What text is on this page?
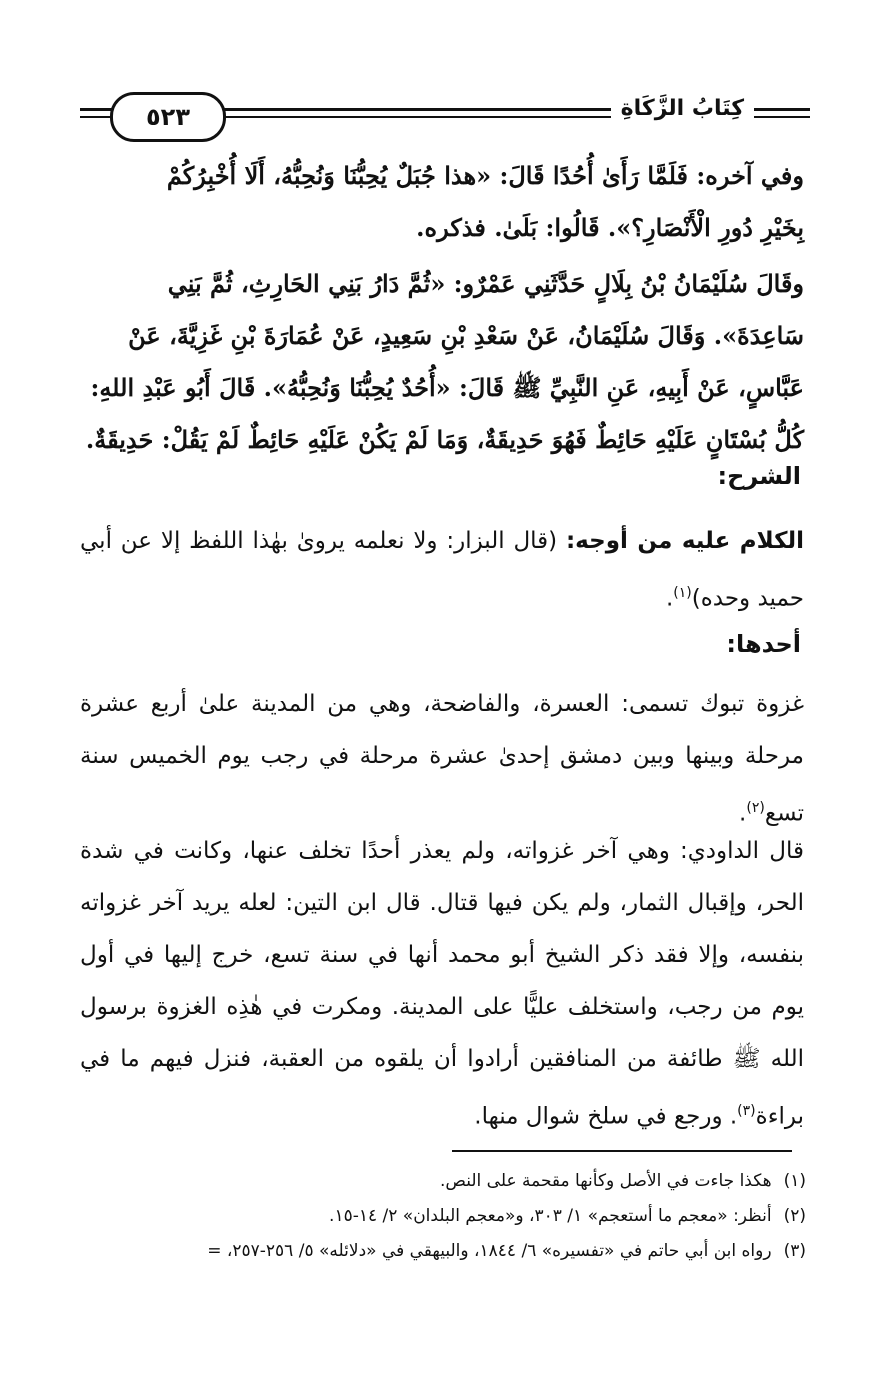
٥٢٣	كِتَابُ الزَّكَاةِ

وفي آخره: فَلَمَّا رَأَىٰ أُحُدًا قَالَ: «هذا جُبَلٌ يُحِبُّنَا وَنُحِبُّهُ، أَلَا أُخْبِرُكُمْ

بِخَيْرِ دُورِ الْأَنْصَارِ؟». قَالُوا: بَلَىٰ. فذكره.

وقَالَ سُلَيْمَانُ بْنُ بِلَالٍ حَدَّثَنِي عَمْرٌو: «ثُمَّ دَارُ بَنِي الحَارِثِ، ثُمَّ بَنِي

سَاعِدَةَ». وَقَالَ سُلَيْمَانُ، عَنْ سَعْدِ بْنِ سَعِيدٍ، عَنْ عُمَارَةَ بْنِ غَزِيَّةَ، عَنْ

عَبَّاسٍ، عَنْ أَبِيهِ، عَنِ النَّبِيِّ ﷺ قَالَ: «أُحُدٌ يُحِبُّنَا وَنُحِبُّهُ». قَالَ أَبُو عَبْدِ اللهِ:

كُلُّ بُسْتَانٍ عَلَيْهِ حَائِطٌ فَهُوَ حَدِيقَةٌ، وَمَا لَمْ يَكُنْ عَلَيْهِ حَائِطٌ لَمْ يَقُلْ: حَدِيقَةٌ.

الشرح:

الكلام عليه من أوجه: (قال البزار: ولا نعلمه يروىٰ بهٰذا اللفظ إلا عن أبي حميد وحده)$^{(١)}$.

أحدها:

غزوة تبوك تسمى: العسرة، والفاضحة، وهي من المدينة علىٰ أربع عشرة مرحلة وبينها وبين دمشق إحدىٰ عشرة مرحلة في رجب يوم الخميس سنة تسع$^{(٢)}$.

قال الداودي: وهي آخر غزواته، ولم يعذر أحدًا تخلف عنها، وكانت في شدة الحر، وإقبال الثمار، ولم يكن فيها قتال. قال ابن التين: لعله يريد آخر غزواته بنفسه، وإلا فقد ذكر الشيخ أبو محمد أنها في سنة تسع، خرج إليها في أول يوم من رجب، واستخلف عليًّا على المدينة. ومكرت في هٰذِه الغزوة برسول الله ﷺ طائفة من المنافقين أرادوا أن يلقوه من العقبة، فنزل فيهم ما في براءة$^{(٣)}$. ورجع في سلخ شوال منها.

(١)هكذا جاءت في الأصل وكأنها مقحمة على النص.
(٢)أنظر: «معجم ما أستعجم» ١/ ٣٠٣، و«معجم البلدان» ٢/ ١٤-١٥.
(٣)رواه ابن أبي حاتم في «تفسيره» ٦/ ١٨٤٤، والبيهقي في «دلائله» ٥/ ٢٥٦-٢٥٧، =
